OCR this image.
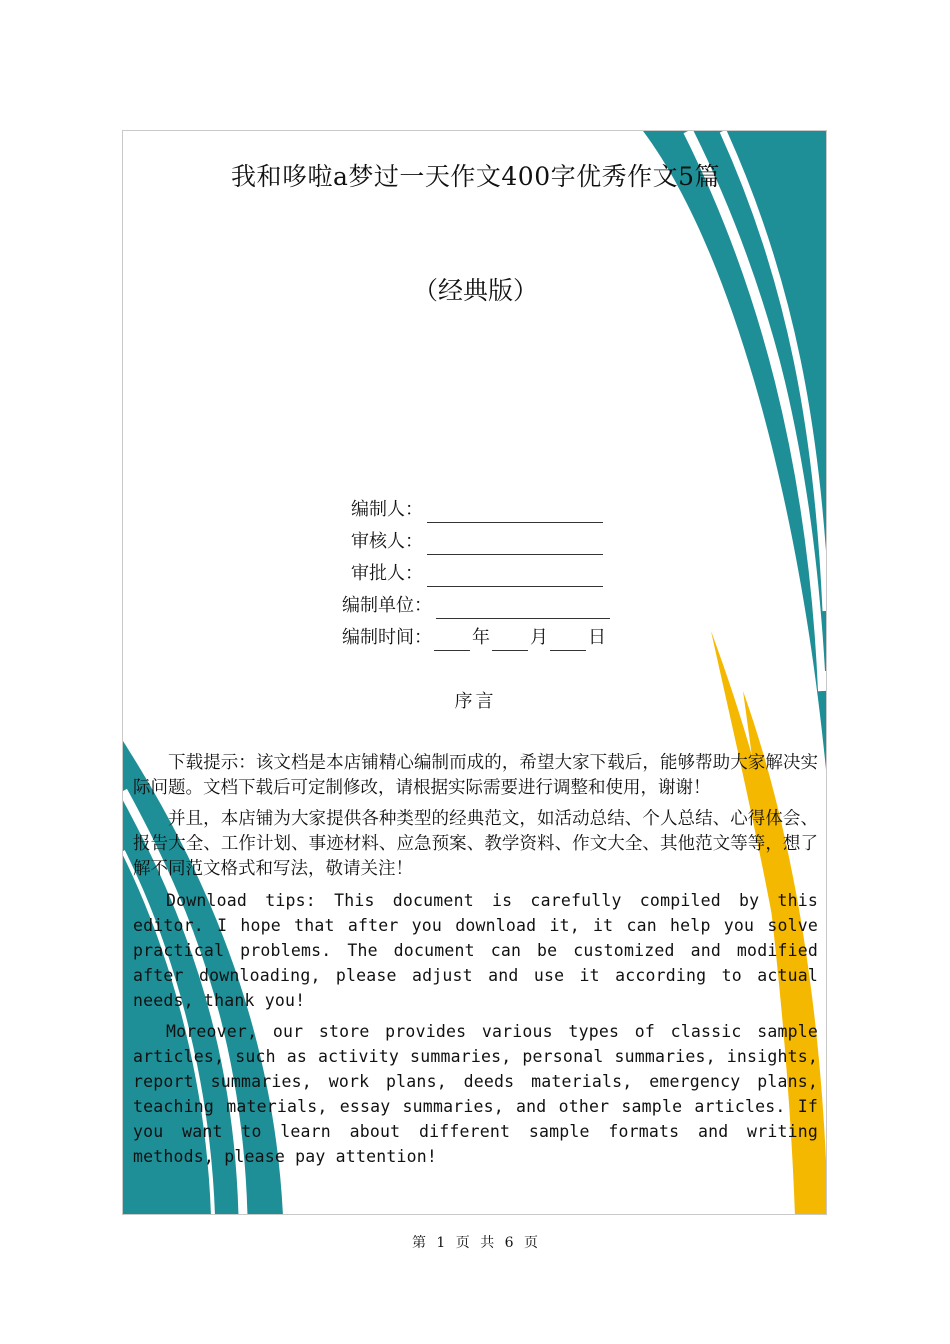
我和哆啦a梦过一天作文400字优秀作文5篇
（经典版）
编制人：
审核人：
审批人：
编制单位：
编制时间： 年 月 日
序言

下载提示：该文档是本店铺精心编制而成的，希望大家下载后，能够帮助大家解决实际问题。文档下载后可定制修改，请根据实际需要进行调整和使用，谢谢！

并且，本店铺为大家提供各种类型的经典范文，如活动总结、个人总结、心得体会、报告大全、工作计划、事迹材料、应急预案、教学资料、作文大全、其他范文等等，想了解不同范文格式和写法，敬请关注！

Download tips: This document is carefully compiled by this editor. I hope that after you download it, it can help you solve practical problems. The document can be customized and modified after downloading, please adjust and use it according to actual needs, thank you!

Moreover, our store provides various types of classic sample articles, such as activity summaries, personal summaries, insights, report summaries, work plans, deeds materials, emergency plans, teaching materials, essay summaries, and other sample articles. If you want to learn about different sample formats and writing methods, please pay attention!

第 1 页 共 6 页
